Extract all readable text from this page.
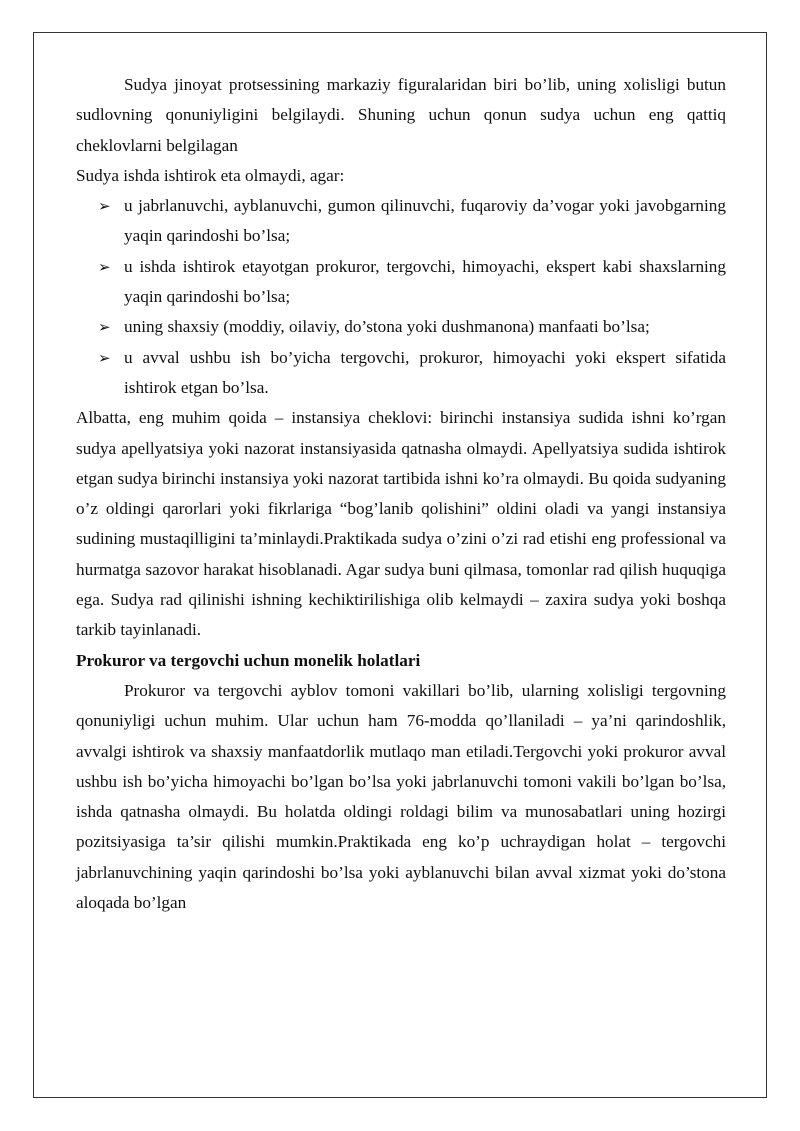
Sudya jinoyat protsessining markaziy figuralaridan biri bo’lib, uning xolisligi butun sudlovning qonuniyligini belgilaydi. Shuning uchun qonun sudya uchun eng qattiq cheklovlarni belgilagan

Sudya ishda ishtirok eta olmaydi, agar:

➢ u jabrlanuvchi, ayblanuvchi, gumon qilinuvchi, fuqaroviy da’vogar yoki javobgarning yaqin qarindoshi bo’lsa;
➢ u ishda ishtirok etayotgan prokuror, tergovchi, himoyachi, ekspert kabi shaxslarning yaqin qarindoshi bo’lsa;
➢ uning shaxsiy (moddiy, oilaviy, do’stona yoki dushmanona) manfaati bo’lsa;
➢ u avval ushbu ish bo’yicha tergovchi, prokuror, himoyachi yoki ekspert sifatida ishtirok etgan bo’lsa.

Albatta, eng muhim qoida – instansiya cheklovi: birinchi instansiya sudida ishni ko’rgan sudya apellyatsiya yoki nazorat instansiyasida qatnasha olmaydi. Apellyatsiya sudida ishtirok etgan sudya birinchi instansiya yoki nazorat tartibida ishni ko’ra olmaydi. Bu qoida sudyaning o’z oldingi qarorlari yoki fikrlariga “bog’lanib qolishini” oldini oladi va yangi instansiya sudining mustaqilligini ta’minlaydi.Praktikada sudya o’zini o’zi rad etishi eng professional va hurmatga sazovor harakat hisoblanadi. Agar sudya buni qilmasa, tomonlar rad qilish huquqiga ega. Sudya rad qilinishi ishning kechiktirilishiga olib kelmaydi – zaxira sudya yoki boshqa tarkib tayinlanadi.

Prokuror va tergovchi uchun monelik holatlari

Prokuror va tergovchi ayblov tomoni vakillari bo’lib, ularning xolisligi tergovning qonuniyligi uchun muhim. Ular uchun ham 76-modda qo’llaniladi – ya’ni qarindoshlik, avvalgi ishtirok va shaxsiy manfaatdorlik mutlaqo man etiladi.Tergovchi yoki prokuror avval ushbu ish bo’yicha himoyachi bo’lgan bo’lsa yoki jabrlanuvchi tomoni vakili bo’lgan bo’lsa, ishda qatnasha olmaydi. Bu holatda oldingi roldagi bilim va munosabatlari uning hozirgi pozitsiyasiga ta’sir qilishi mumkin.Praktikada eng ko’p uchraydigan holat – tergovchi jabrlanuvchining yaqin qarindoshi bo’lsa yoki ayblanuvchi bilan avval xizmat yoki do’stona aloqada bo’lgan
